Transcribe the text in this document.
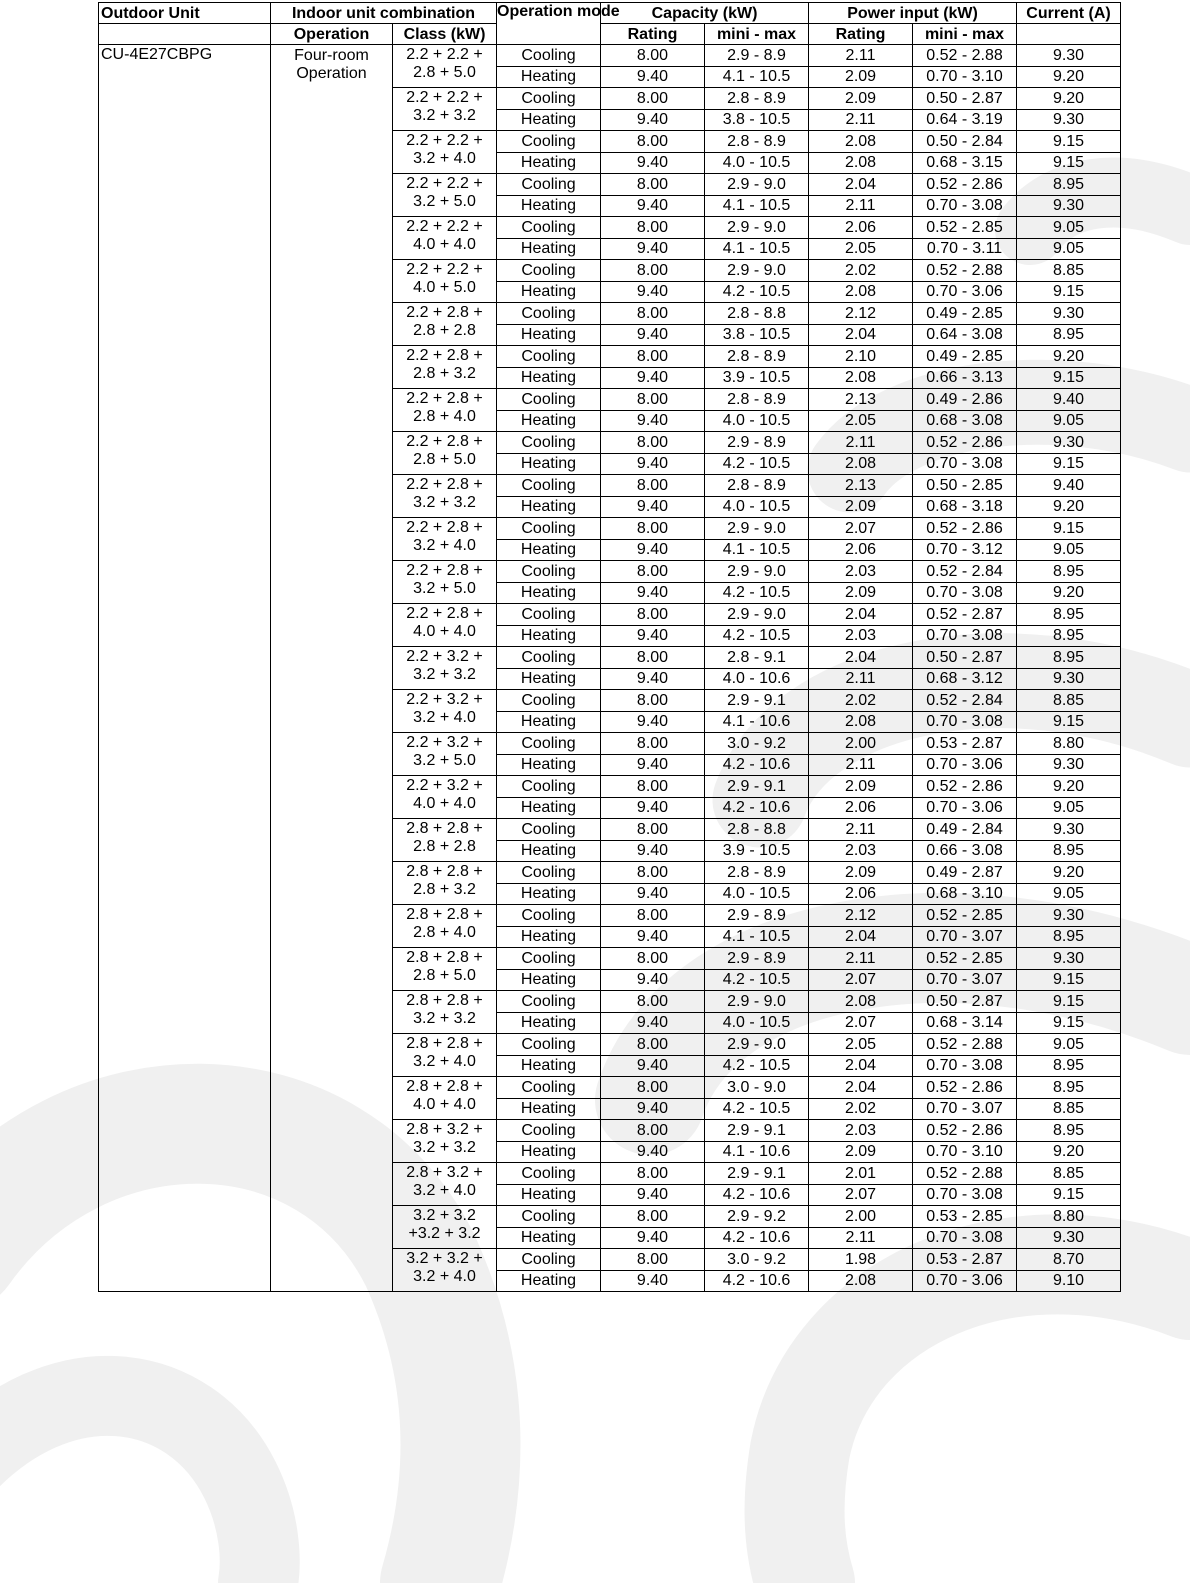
Outdoor Unit	Indoor unit combination		Operation mode	Capacity (kW)		Power input (kW)		Current (A)
	Operation	Class (kW)		Rating	mini - max	Rating	mini - max	
CU-4E27CBPG	Four-room Operation	2.2 + 2.2 +
2.8 + 5.0	Cooling	8.00	2.9 - 8.9	2.11	0.52 - 2.88	9.30
			Heating	9.40	4.1 - 10.5	2.09	0.70 - 3.10	9.20

		2.2 + 2.2 +
3.2 + 3.2	Cooling	8.00	2.8 - 8.9	2.09	0.50 - 2.87	9.20
			Heating	9.40	3.8 - 10.5	2.11	0.64 - 3.19	9.30

		2.2 + 2.2 +
3.2 + 4.0	Cooling	8.00	2.8 - 8.9	2.08	0.50 - 2.84	9.15
			Heating	9.40	4.0 - 10.5	2.08	0.68 - 3.15	9.15

		2.2 + 2.2 +
3.2 + 5.0	Cooling	8.00	2.9 - 9.0	2.04	0.52 - 2.86	8.95
			Heating	9.40	4.1 - 10.5	2.11	0.70 - 3.08	9.30

		2.2 + 2.2 +
4.0 + 4.0	Cooling	8.00	2.9 - 9.0	2.06	0.52 - 2.85	9.05
			Heating	9.40	4.1 - 10.5	2.05	0.70 - 3.11	9.05

		2.2 + 2.2 +
4.0 + 5.0	Cooling	8.00	2.9 - 9.0	2.02	0.52 - 2.88	8.85
			Heating	9.40	4.2 - 10.5	2.08	0.70 - 3.06	9.15

		2.2 + 2.8 +
2.8 + 2.8	Cooling	8.00	2.8 - 8.8	2.12	0.49 - 2.85	9.30
			Heating	9.40	3.8 - 10.5	2.04	0.64 - 3.08	8.95

		2.2 + 2.8 +
2.8 + 3.2	Cooling	8.00	2.8 - 8.9	2.10	0.49 - 2.85	9.20
			Heating	9.40	3.9 - 10.5	2.08	0.66 - 3.13	9.15

		2.2 + 2.8 +
2.8 + 4.0	Cooling	8.00	2.8 - 8.9	2.13	0.49 - 2.86	9.40
			Heating	9.40	4.0 - 10.5	2.05	0.68 - 3.08	9.05

		2.2 + 2.8 +
2.8 + 5.0	Cooling	8.00	2.9 - 8.9	2.11	0.52 - 2.86	9.30
			Heating	9.40	4.2 - 10.5	2.08	0.70 - 3.08	9.15

		2.2 + 2.8 +
3.2 + 3.2	Cooling	8.00	2.8 - 8.9	2.13	0.50 - 2.85	9.40
			Heating	9.40	4.0 - 10.5	2.09	0.68 - 3.18	9.20

		2.2 + 2.8 +
3.2 + 4.0	Cooling	8.00	2.9 - 9.0	2.07	0.52 - 2.86	9.15
			Heating	9.40	4.1 - 10.5	2.06	0.70 - 3.12	9.05

		2.2 + 2.8 +
3.2 + 5.0	Cooling	8.00	2.9 - 9.0	2.03	0.52 - 2.84	8.95
			Heating	9.40	4.2 - 10.5	2.09	0.70 - 3.08	9.20

		2.2 + 2.8 +
4.0 + 4.0	Cooling	8.00	2.9 - 9.0	2.04	0.52 - 2.87	8.95
			Heating	9.40	4.2 - 10.5	2.03	0.70 - 3.08	8.95

		2.2 + 3.2 +
3.2 + 3.2	Cooling	8.00	2.8 - 9.1	2.04	0.50 - 2.87	8.95
			Heating	9.40	4.0 - 10.6	2.11	0.68 - 3.12	9.30

		2.2 + 3.2 +
3.2 + 4.0	Cooling	8.00	2.9 - 9.1	2.02	0.52 - 2.84	8.85
			Heating	9.40	4.1 - 10.6	2.08	0.70 - 3.08	9.15

		2.2 + 3.2 +
3.2 + 5.0	Cooling	8.00	3.0 - 9.2	2.00	0.53 - 2.87	8.80
			Heating	9.40	4.2 - 10.6	2.11	0.70 - 3.06	9.30

		2.2 + 3.2 +
4.0 + 4.0	Cooling	8.00	2.9 - 9.1	2.09	0.52 - 2.86	9.20
			Heating	9.40	4.2 - 10.6	2.06	0.70 - 3.06	9.05

		2.8 + 2.8 +
2.8 + 2.8	Cooling	8.00	2.8 - 8.8	2.11	0.49 - 2.84	9.30
			Heating	9.40	3.9 - 10.5	2.03	0.66 - 3.08	8.95

		2.8 + 2.8 +
2.8 + 3.2	Cooling	8.00	2.8 - 8.9	2.09	0.49 - 2.87	9.20
			Heating	9.40	4.0 - 10.5	2.06	0.68 - 3.10	9.05

		2.8 + 2.8 +
2.8 + 4.0	Cooling	8.00	2.9 - 8.9	2.12	0.52 - 2.85	9.30
			Heating	9.40	4.1 - 10.5	2.04	0.70 - 3.07	8.95

		2.8 + 2.8 +
2.8 + 5.0	Cooling	8.00	2.9 - 8.9	2.11	0.52 - 2.85	9.30
			Heating	9.40	4.2 - 10.5	2.07	0.70 - 3.07	9.15

		2.8 + 2.8 +
3.2 + 3.2	Cooling	8.00	2.9 - 9.0	2.08	0.50 - 2.87	9.15
			Heating	9.40	4.0 - 10.5	2.07	0.68 - 3.14	9.15

		2.8 + 2.8 +
3.2 + 4.0	Cooling	8.00	2.9 - 9.0	2.05	0.52 - 2.88	9.05
			Heating	9.40	4.2 - 10.5	2.04	0.70 - 3.08	8.95

		2.8 + 2.8 +
4.0 + 4.0	Cooling	8.00	3.0 - 9.0	2.04	0.52 - 2.86	8.95
			Heating	9.40	4.2 - 10.5	2.02	0.70 - 3.07	8.85

		2.8 + 3.2 +
3.2 + 3.2	Cooling	8.00	2.9 - 9.1	2.03	0.52 - 2.86	8.95
			Heating	9.40	4.1 - 10.6	2.09	0.70 - 3.10	9.20

		2.8 + 3.2 +
3.2 + 4.0	Cooling	8.00	2.9 - 9.1	2.01	0.52 - 2.88	8.85
			Heating	9.40	4.2 - 10.6	2.07	0.70 - 3.08	9.15

		3.2 + 3.2
+3.2 + 3.2	Cooling	8.00	2.9 - 9.2	2.00	0.53 - 2.85	8.80
			Heating	9.40	4.2 - 10.6	2.11	0.70 - 3.08	9.30

		3.2 + 3.2 +
3.2 + 4.0	Cooling	8.00	3.0 - 9.2	1.98	0.53 - 2.87	8.70
			Heating	9.40	4.2 - 10.6	2.08	0.70 - 3.06	9.10
